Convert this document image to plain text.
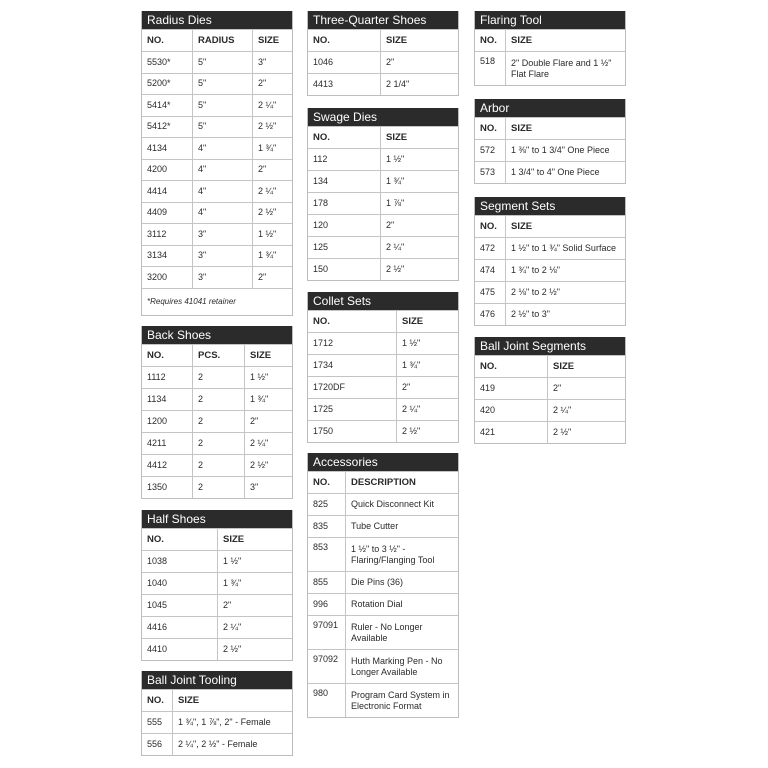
Radius Dies
NO.	RADIUS	SIZE
5530*	5"	3"
5200*	5"	2"
5414*	5"	2 ¼"
5412*	5"	2 ½"
4134	4"	1 ¾"
4200	4"	2"
4414	4"	2 ¼"
4409	4"	2 ½"
3112	3"	1 ½"
3134	3"	1 ¾"
3200	3"	2"
*Requires 41041 retainer
Back Shoes
NO.	PCS.	SIZE
1112	2	1 ½"
1134	2	1 ¾"
1200	2	2"
4211	2	2 ¼"
4412	2	2 ½"
1350	2	3"
Half Shoes
NO.	SIZE
1038	1 ½"
1040	1 ¾"
1045	2"
4416	2 ¼"
4410	2 ½"
Ball Joint Tooling
NO.	SIZE
555	1 ¾", 1 ⅞", 2" - Female
556	2 ¼", 2 ½" - Female
Three-Quarter Shoes
NO.	SIZE
1046	2"
4413	2 1/4"
Swage Dies
NO.	SIZE
112	1 ½"
134	1 ¾"
178	1 ⅞"
120	2"
125	2 ¼"
150	2 ½"
Collet Sets
NO.	SIZE
1712	1 ½"
1734	1 ¾"
1720DF	2"
1725	2 ¼"
1750	2 ½"
Accessories
NO.	DESCRIPTION
825	Quick Disconnect Kit
835	Tube Cutter
853	1 ½" to 3 ½" - Flaring/Flanging Tool
855	Die Pins (36)
996	Rotation Dial
97091	Ruler - No Longer Available
97092	Huth Marking Pen - No Longer Available
980	Program Card System in Electronic Format
Flaring Tool
NO.	SIZE
518	2" Double Flare and 1 ½" Flat Flare
Arbor
NO.	SIZE
572	1 ⅜" to 1 3/4" One Piece
573	1 3/4" to 4" One Piece
Segment Sets
NO.	SIZE
472	1 ½" to 1 ¾" Solid Surface
474	1 ¾" to 2 ⅛"
475	2 ⅛" to 2 ½"
476	2 ½" to 3"
Ball Joint Segments
NO.	SIZE
419	2"
420	2 ¼"
421	2 ½"
